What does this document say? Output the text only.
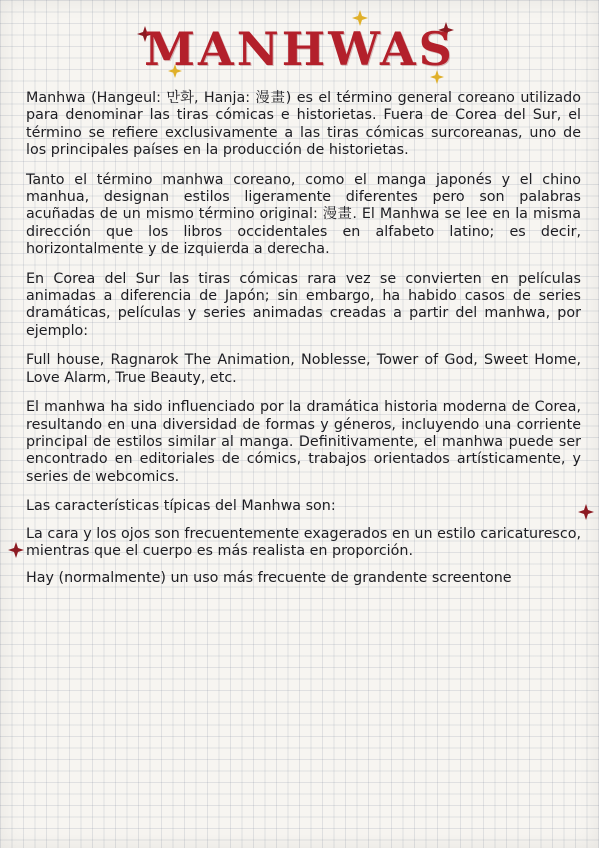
MANHWAS

Manhwa (Hangeul: 만화, Hanja: 漫畫) es el término general coreano utilizado para denominar las tiras cómicas e historietas. Fuera de Corea del Sur, el término se refiere exclusivamente a las tiras cómicas surcoreanas, uno de los principales países en la producción de historietas.

Tanto el término manhwa coreano, como el manga japonés y el chino manhua, designan estilos ligeramente diferentes pero son palabras acuñadas de un mismo término original: 漫畫. El Manhwa se lee en la misma dirección que los libros occidentales en alfabeto latino; es decir, horizontalmente y de izquierda a derecha.

En Corea del Sur las tiras cómicas rara vez se convierten en películas animadas a diferencia de Japón; sin embargo, ha habido casos de series dramáticas, películas y series animadas creadas a partir del manhwa, por ejemplo:

Full house, Ragnarok The Animation, Noblesse, Tower of God, Sweet Home, Love Alarm, True Beauty, etc.

El manhwa ha sido influenciado por la dramática historia moderna de Corea, resultando en una diversidad de formas y géneros, incluyendo una corriente principal de estilos similar al manga. Definitivamente, el manhwa puede ser encontrado en editoriales de cómics, trabajos orientados artísticamente, y series de webcomics.

Las características típicas del Manhwa son:

La cara y los ojos son frecuentemente exagerados en un estilo caricaturesco, mientras que el cuerpo es más realista en proporción.

Hay (normalmente) un uso más frecuente de grandente screentone
